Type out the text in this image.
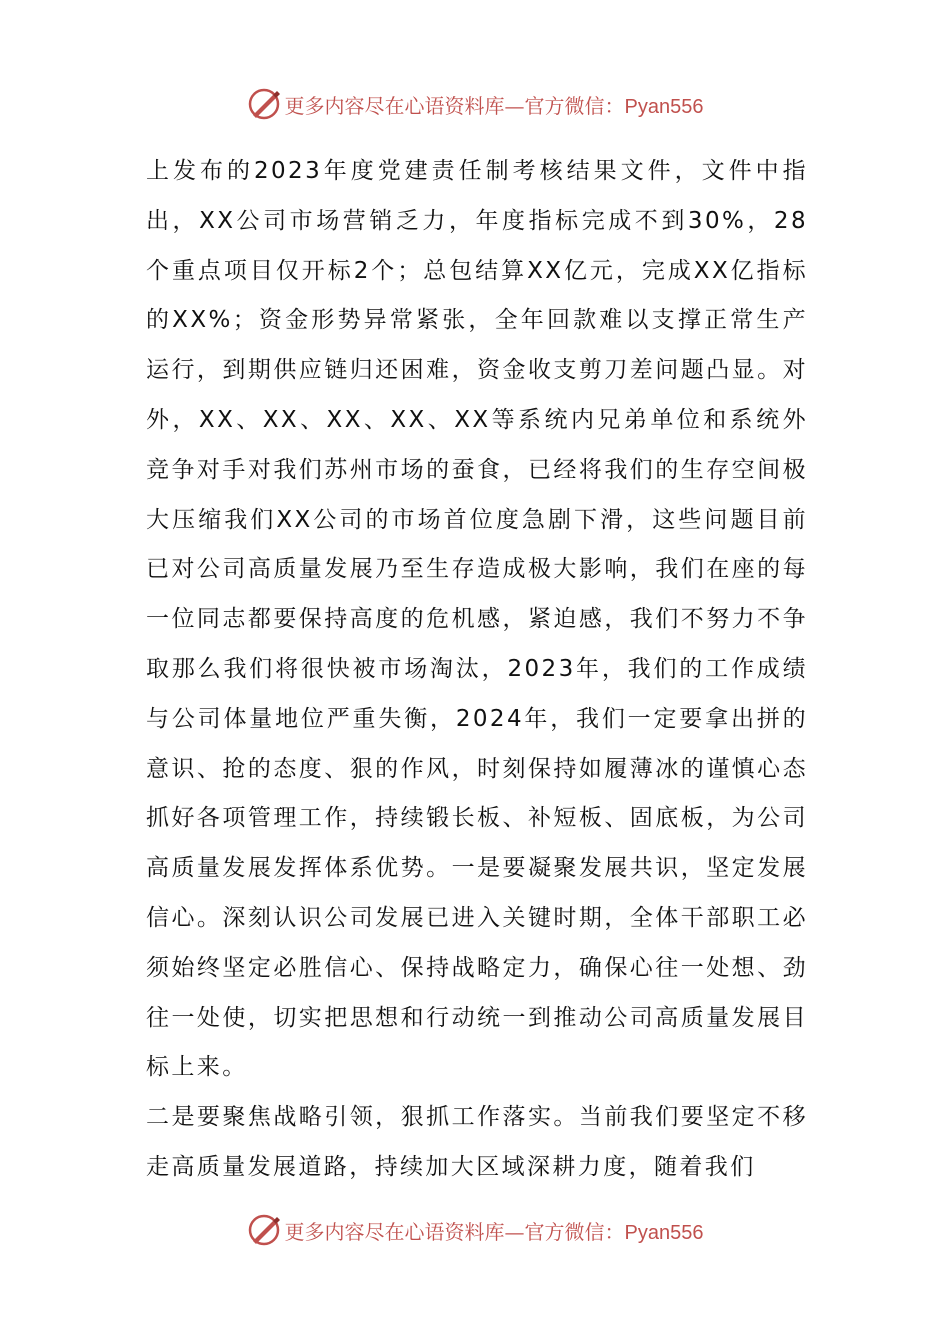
更多内容尽在心语资料库—官方微信：Pyan556

上发布的2023年度党建责任制考核结果文件，文件中指出，XX公司市场营销乏力，年度指标完成不到30%，28个重点项目仅开标2个；总包结算XX亿元，完成XX亿指标的XX%；资金形势异常紧张，全年回款难以支撑正常生产运行，到期供应链归还困难，资金收支剪刀差问题凸显。对外，XX、XX、XX、XX、XX等系统内兄弟单位和系统外竞争对手对我们苏州市场的蚕食，已经将我们的生存空间极大压缩我们XX公司的市场首位度急剧下滑，这些问题目前已对公司高质量发展乃至生存造成极大影响，我们在座的每一位同志都要保持高度的危机感，紧迫感，我们不努力不争取那么我们将很快被市场淘汰，2023年，我们的工作成绩与公司体量地位严重失衡，2024年，我们一定要拿出拼的意识、抢的态度、狠的作风，时刻保持如履薄冰的谨慎心态抓好各项管理工作，持续锻长板、补短板、固底板，为公司高质量发展发挥体系优势。一是要凝聚发展共识，坚定发展信心。深刻认识公司发展已进入关键时期，全体干部职工必须始终坚定必胜信心、保持战略定力，确保心往一处想、劲往一处使，切实把思想和行动统一到推动公司高质量发展目标上来。

二是要聚焦战略引领，狠抓工作落实。当前我们要坚定不移走高质量发展道路，持续加大区域深耕力度，随着我们

更多内容尽在心语资料库—官方微信：Pyan556
